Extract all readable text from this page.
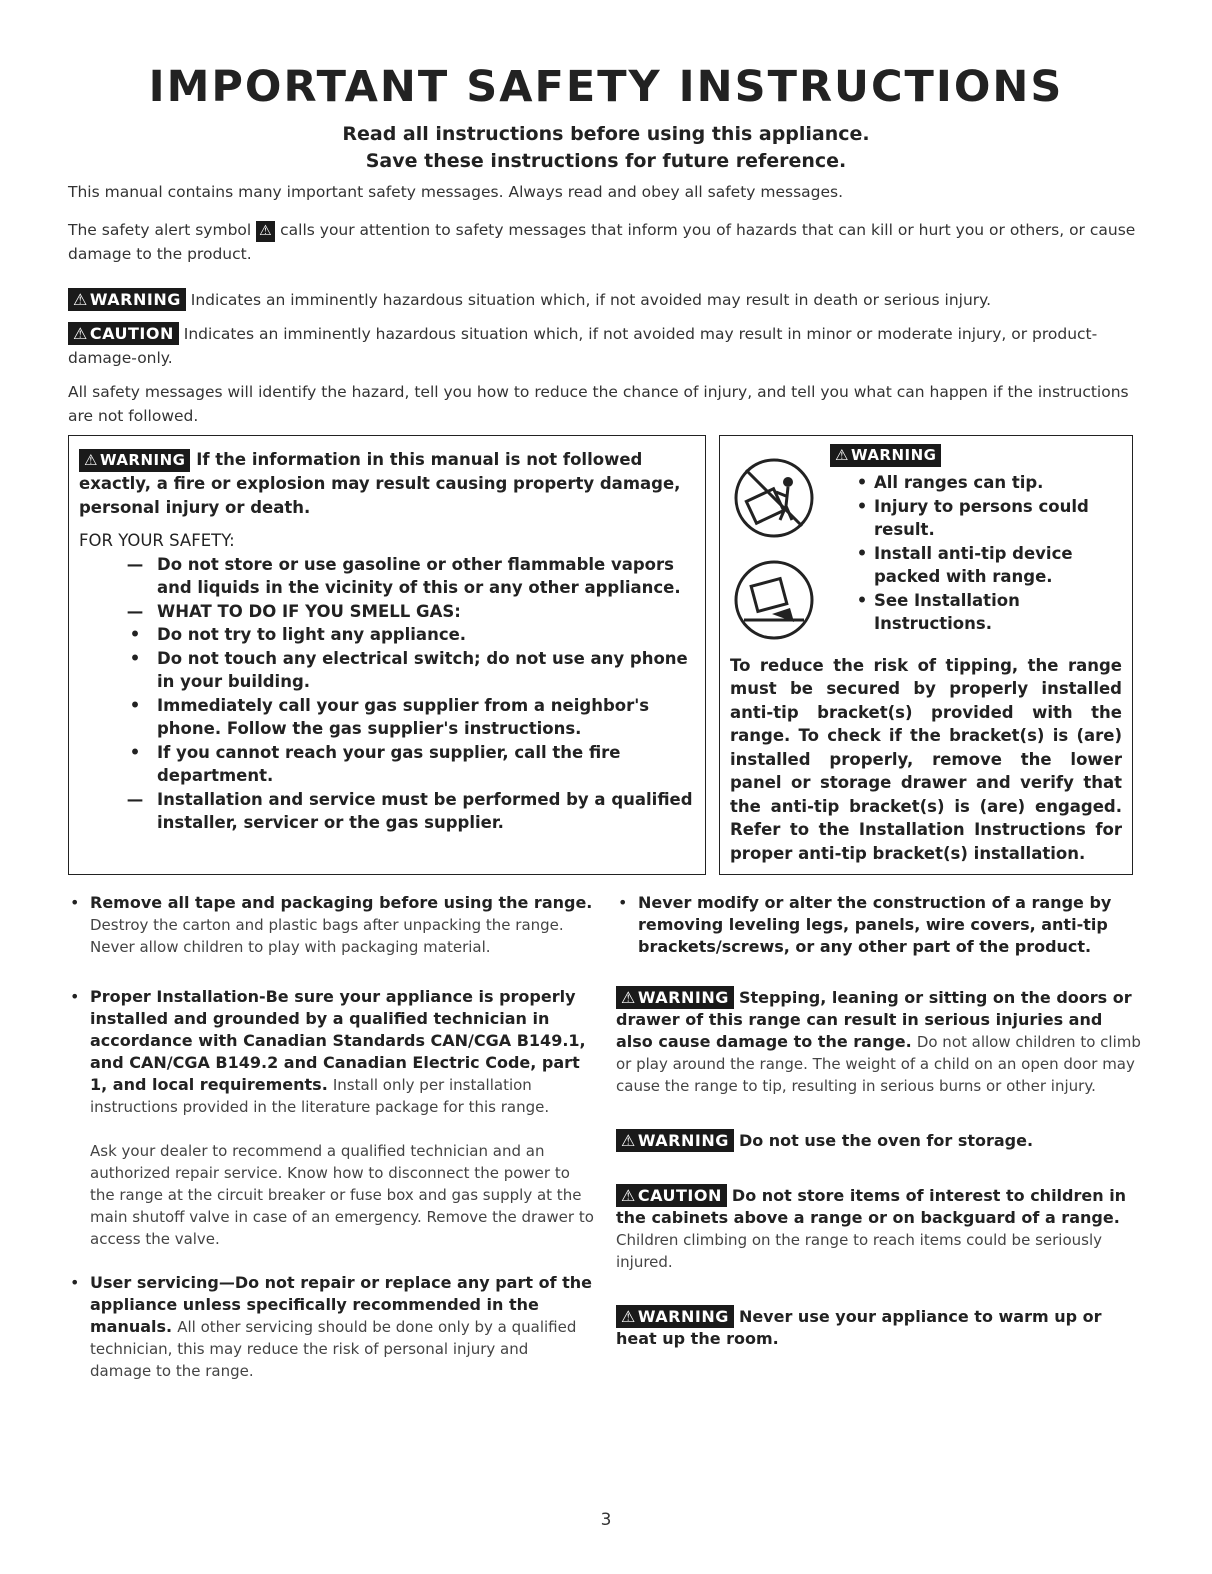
IMPORTANT SAFETY INSTRUCTIONS
Read all instructions before using this appliance.
Save these instructions for future reference.
This manual contains many important safety messages. Always read and obey all safety messages.
The safety alert symbol ⚠ calls your attention to safety messages that inform you of hazards that can kill or hurt you or others, or cause damage to the product.
⚠ WARNING Indicates an imminently hazardous situation which, if not avoided may result in death or serious injury.
⚠ CAUTION Indicates an imminently hazardous situation which, if not avoided may result in minor or moderate injury, or product-damage-only.
All safety messages will identify the hazard, tell you how to reduce the chance of injury, and tell you what can happen if the instructions are not followed.
⚠ WARNING If the information in this manual is not followed exactly, a fire or explosion may result causing property damage, personal injury or death.
FOR YOUR SAFETY:
— Do not store or use gasoline or other flammable vapors and liquids in the vicinity of this or any other appliance.
— WHAT TO DO IF YOU SMELL GAS:
•	Do not try to light any appliance.
•	Do not touch any electrical switch; do not use any phone in your building.
•	Immediately call your gas supplier from a neighbor's phone. Follow the gas supplier's instructions.
•	If you cannot reach your gas supplier, call the fire department.
— Installation and service must be performed by a qualified installer, servicer or the gas supplier.
⚠ WARNING
• All ranges can tip.
• Injury to persons could result.
• Install anti-tip device packed with range.
• See Installation Instructions.
To reduce the risk of tipping, the range must be secured by properly installed anti-tip bracket(s) provided with the range. To check if the bracket(s) is (are) installed properly, remove the lower panel or storage drawer and verify that the anti-tip bracket(s) is (are) engaged. Refer to the Installation Instructions for proper anti-tip bracket(s) installation.
• Remove all tape and packaging before using the range. Destroy the carton and plastic bags after unpacking the range. Never allow children to play with packaging material.
• Proper Installation-Be sure your appliance is properly installed and grounded by a qualified technician in accordance with Canadian Standards CAN/CGA B149.1, and CAN/CGA B149.2 and Canadian Electric Code, part 1, and local requirements. Install only per installation instructions provided in the literature package for this range.
Ask your dealer to recommend a qualified technician and an authorized repair service. Know how to disconnect the power to the range at the circuit breaker or fuse box and gas supply at the main shutoff valve in case of an emergency. Remove the drawer to access the valve.
• User servicing—Do not repair or replace any part of the appliance unless specifically recommended in the manuals. All other servicing should be done only by a qualified technician, this may reduce the risk of personal injury and damage to the range.
• Never modify or alter the construction of a range by removing leveling legs, panels, wire covers, anti-tip brackets/screws, or any other part of the product.
⚠ WARNING Stepping, leaning or sitting on the doors or drawer of this range can result in serious injuries and also cause damage to the range. Do not allow children to climb or play around the range. The weight of a child on an open door may cause the range to tip, resulting in serious burns or other injury.
⚠ WARNING Do not use the oven for storage.
⚠ CAUTION Do not store items of interest to children in the cabinets above a range or on backguard of a range. Children climbing on the range to reach items could be seriously injured.
⚠ WARNING Never use your appliance to warm up or heat up the room.
3
